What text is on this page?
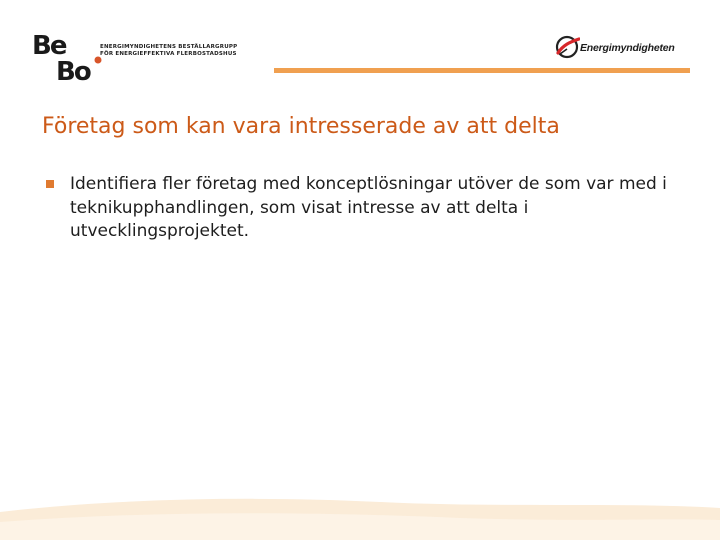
Be
Bo
ENERGIMYNDIGHETENS BESTÄLLARGRUPP
FÖR ENERGIEFFEKTIVA FLERBOSTADSHUS	Energimyndigheten
Företag som kan vara intresserade av att delta
Identifiera fler företag med konceptlösningar utöver de som var med i teknikupphandlingen, som visat intresse av att delta i utvecklingsprojektet.
